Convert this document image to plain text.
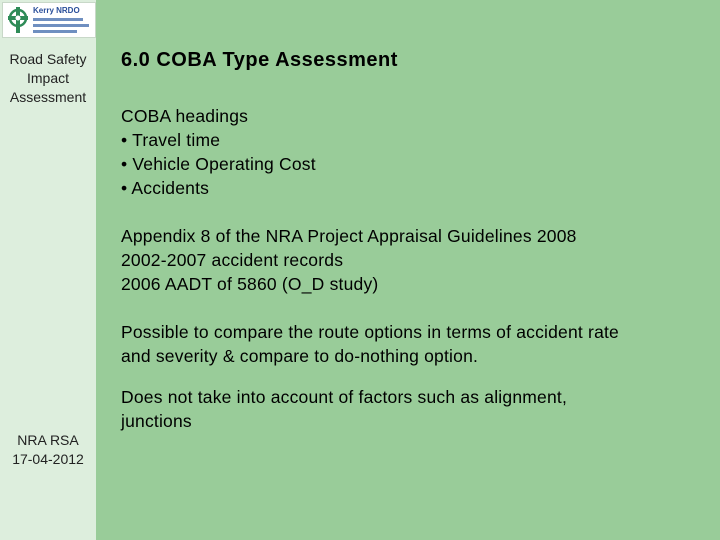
Kerry NRDO
Road Safety
Impact
Assessment
NRA RSA
17-04-2012
6.0 COBA Type Assessment
COBA headings
• Travel time
• Vehicle Operating Cost
• Accidents
Appendix 8 of the NRA Project Appraisal Guidelines 2008
2002-2007 accident records
2006 AADT of 5860 (O_D study)
Possible to compare the route options in terms of accident rate
and severity & compare to do-nothing option.
Does not take into account of factors such as alignment,
junctions
